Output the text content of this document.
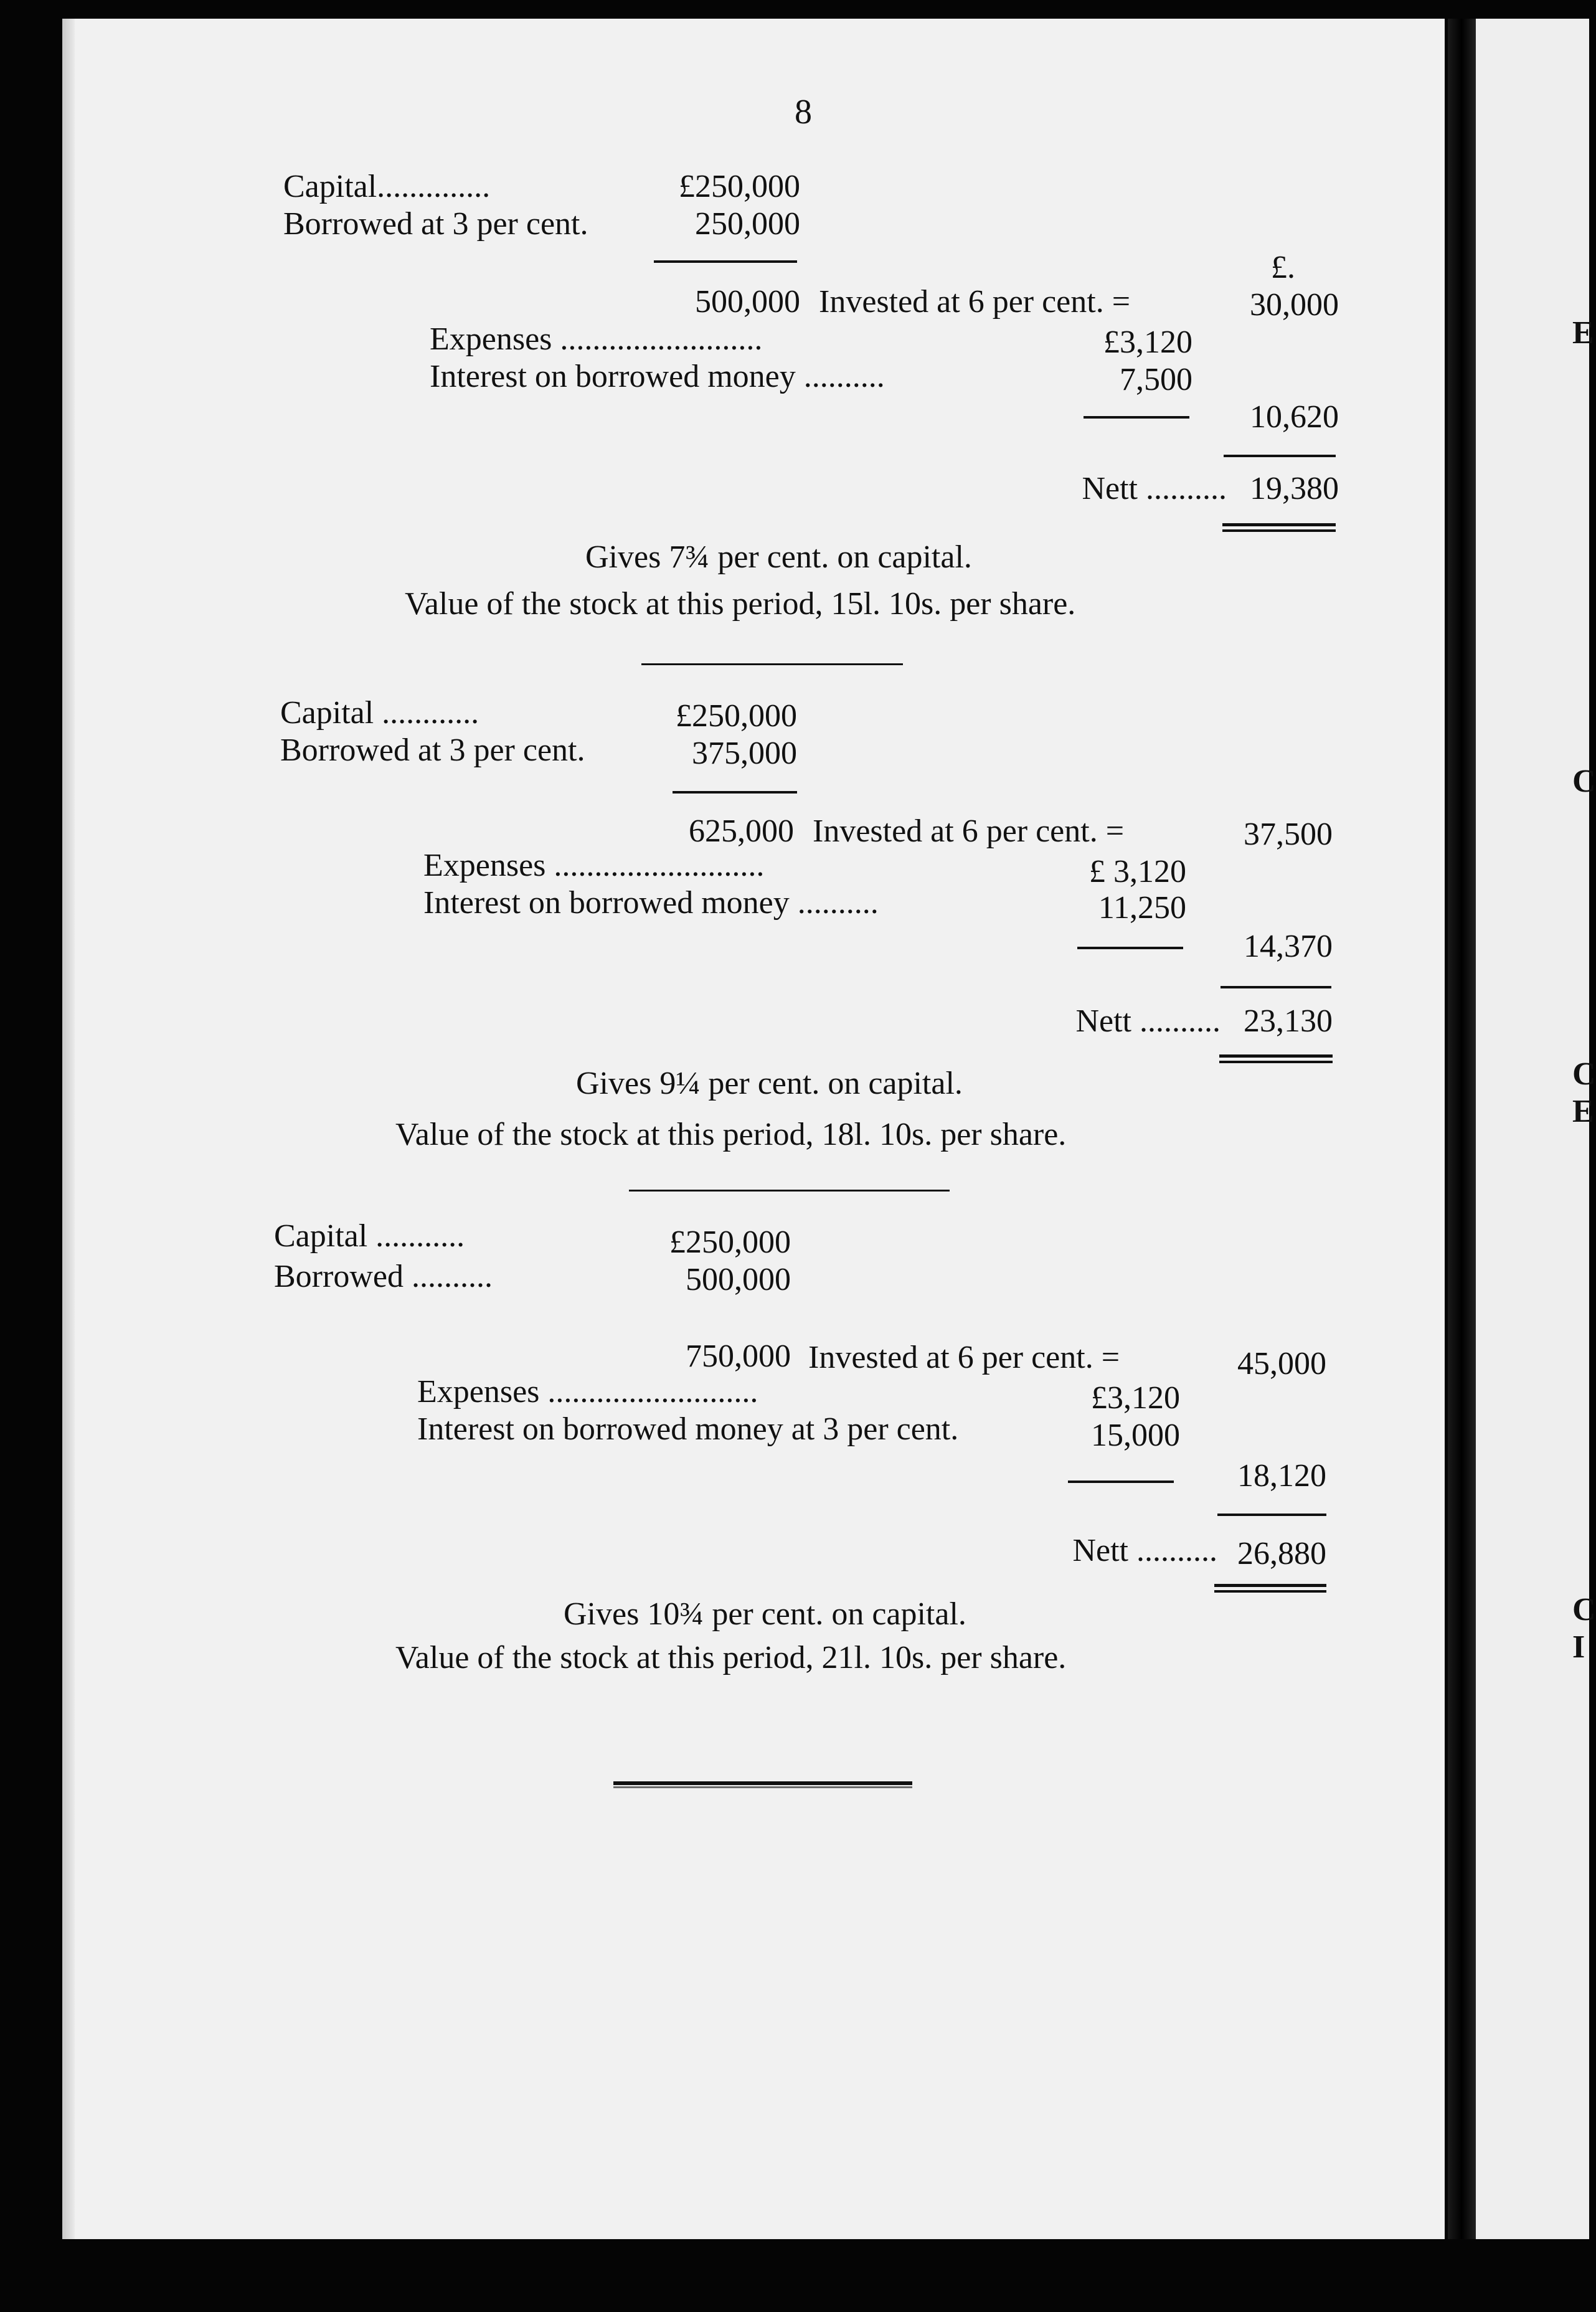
8
Capital..............	£250,000
Borrowed at 3 per cent.	250,000
£.
500,000 Invested at 6 per cent. =	30,000
Expenses .........................	£3,120
Interest on borrowed money ..........	7,500
10,620
Nett .......... 19,380
Gives 7¾ per cent. on capital.
Value of the stock at this period, 15l. 10s. per share.
Capital ............	£250,000
Borrowed at 3 per cent.	375,000
625,000 Invested at 6 per cent. =	37,500
Expenses ..........................	£ 3,120
Interest on borrowed money ..........	11,250
14,370
Nett .......... 23,130
Gives 9¼ per cent. on capital.
Value of the stock at this period, 18l. 10s. per share.
Capital ...........	£250,000
Borrowed ..........	500,000
750,000 Invested at 6 per cent. =	45,000
Expenses ..........................	£3,120
Interest on borrowed money at 3 per cent.	15,000
18,120
Nett .......... 26,880
Gives 10¾ per cent. on capital.
Value of the stock at this period, 21l. 10s. per share.
E
C
C
E
C
I
